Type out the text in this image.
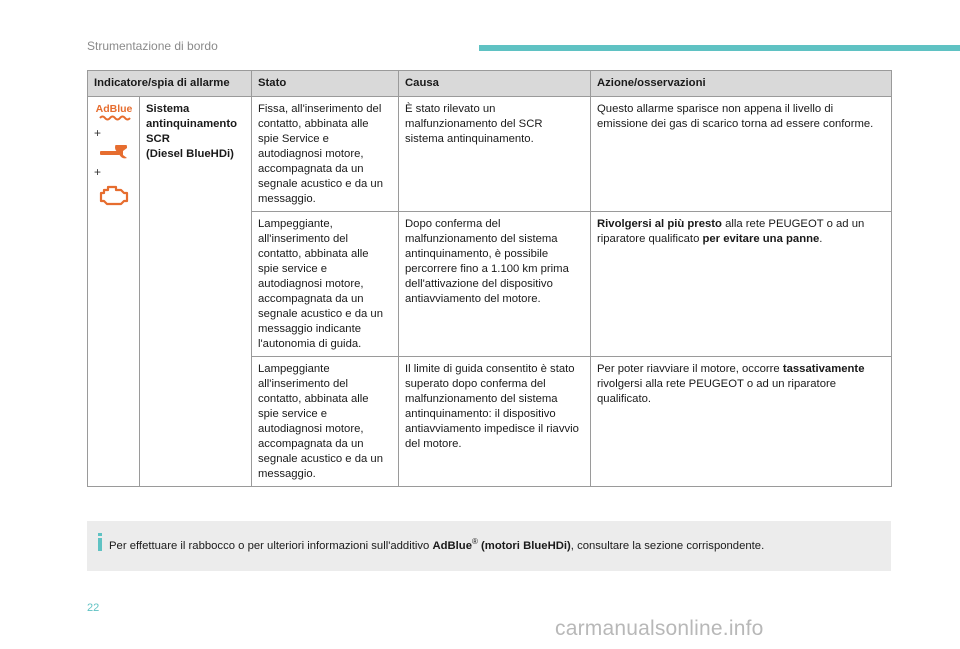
Strumentazione di bordo
Indicatore/spia di allarme		Stato	Causa	Azione/osservazioni

AdBlue
+
+	Sistema
antinquinamento
SCR
(Diesel BlueHDi)	Fissa, all'inserimento del contatto, abbinata alle spie Service e autodiagnosi motore, accompagnata da un segnale acustico e da un messaggio.	È stato rilevato un malfunzionamento del SCR sistema antinquinamento.	Questo allarme sparisce non appena il livello di emissione dei gas di scarico torna ad essere conforme.
		Lampeggiante, all'inserimento del contatto, abbinata alle spie service e autodiagnosi motore, accompagnata da un segnale acustico e da un messaggio indicante l'autonomia di guida.	Dopo conferma del malfunzionamento del sistema antinquinamento, è possibile percorrere fino a 1.100 km prima dell'attivazione del dispositivo antiavviamento del motore.	Rivolgersi al più presto alla rete PEUGEOT o ad un riparatore qualificato per evitare una panne.
		Lampeggiante all'inserimento del contatto, abbinata alle spie service e autodiagnosi motore, accompagnata da un segnale acustico e da un messaggio.	Il limite di guida consentito è stato superato dopo conferma del malfunzionamento del sistema antinquinamento: il dispositivo antiavviamento impedisce il riavvio del motore.	Per poter riavviare il motore, occorre tassativamente rivolgersi alla rete PEUGEOT o ad un riparatore qualificato.
Per effettuare il rabbocco o per ulteriori informazioni sull'additivo AdBlue® (motori BlueHDi), consultare la sezione corrispondente.
22
carmanualsonline.info
